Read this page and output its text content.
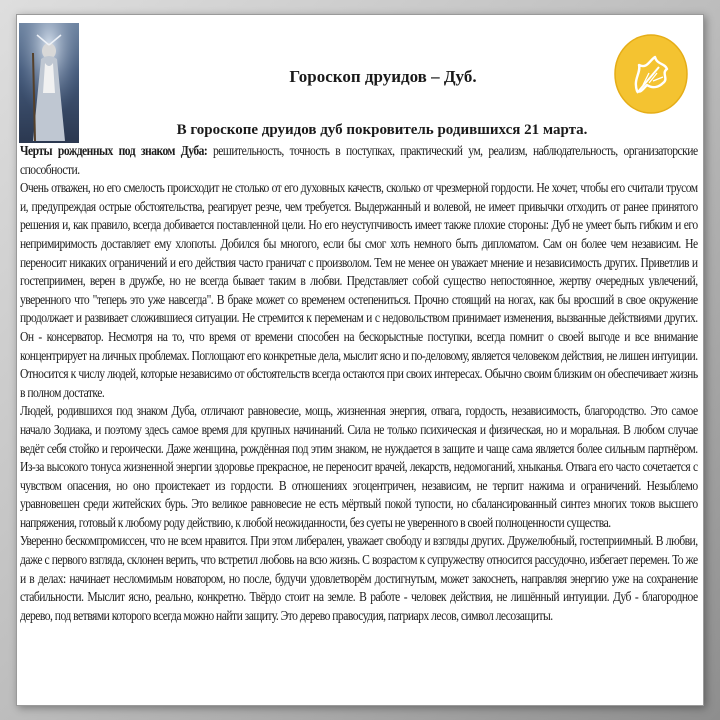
Гороскоп друидов – Дуб.
В гороскопе друидов дуб покровитель родившихся 21 марта.

Черты рожденных под знаком Дуба: решительность, точность в поступках, практический ум, реализм, наблюдательность, организаторские способности.

Очень отважен, но его смелость происходит не столько от его духовных качеств, сколько от чрезмерной гордости. Не хочет, чтобы его считали трусом и, предупреждая острые обстоятельства, реагирует резче, чем требуется. Выдержанный и волевой, не имеет привычки отходить от ранее принятого решения и, как правило, всегда добивается поставленной цели. Но его неуступчивость имеет также плохие стороны: Дуб не умеет быть гибким и его непримиримость доставляет ему хлопоты. Добился бы многого, если бы смог хоть немного быть дипломатом. Сам он более чем независим. Не переносит никаких ограничений и его действия часто граничат с произволом. Тем не менее он уважает мнение и независимость других. Приветлив и гостеприимен, верен в дружбе, но не всегда бывает таким в любви. Представляет собой существо непостоянное, жертву очередных увлечений, уверенного что "теперь это уже навсегда". В браке может со временем остепениться. Прочно стоящий на ногах, как бы вросший в свое окружение продолжает и развивает сложившиеся ситуации. Не стремится к переменам и с недовольством принимает изменения, вызванные действиями других. Он - консерватор. Несмотря на то, что время от времени способен на бескорыстные поступки, всегда помнит о своей выгоде и все внимание концентрирует на личных проблемах. Поглощают его конкретные дела, мыслит ясно и по-деловому, является человеком действия, не лишен интуиции. Относится к числу людей, которые независимо от обстоятельств всегда остаются при своих интересах. Обычно своим близким он обеспечивает жизнь в полном достатке.

Людей, родившихся под знаком Дуба, отличают равновесие, мощь, жизненная энергия, отвага, гордость, независимость, благородство. Это самое начало Зодиака, и поэтому здесь самое время для крупных начинаний. Сила не только психическая и физическая, но и моральная. В любом случае ведёт себя стойко и героически. Даже женщина, рождённая под этим знаком, не нуждается в защите и чаще сама является более сильным партнёром. Из-за высокого тонуса жизненной энергии здоровье прекрасное, не переносит врачей, лекарств, недомоганий, хныканья. Отвага его часто сочетается с чувством опасения, но оно проистекает из гордости. В отношениях эгоцентричен, независим, не терпит нажима и ограничений. Незыблемо уравновешен среди житейских бурь. Это великое равновесие не есть мёртвый покой тупости, но сбалансированный синтез многих токов высшего напряжения, готовый к любому роду действию, к любой неожиданности, без суеты не уверенного в своей полноценности существа.

Уверенно бескомпромиссен, что не всем нравится. При этом либерален, уважает свободу и взгляды других. Дружелюбный, гостеприимный. В любви, даже с первого взгляда, склонен верить, что встретил любовь на всю жизнь. С возрастом к супружеству относится рассудочно, избегает перемен. То же и в делах: начинает несломимым новатором, но после, будучи удовлетворём достигнутым, может закоснеть, направляя энергию уже на сохранение стабильности. Мыслит ясно, реально, конкретно. Твёрдо стоит на земле. В работе - человек действия, не лишённый интуиции. Дуб - благородное дерево, под ветвями которого всегда можно найти защиту. Это дерево правосудия, патриарх лесов, символ лесозащиты.
